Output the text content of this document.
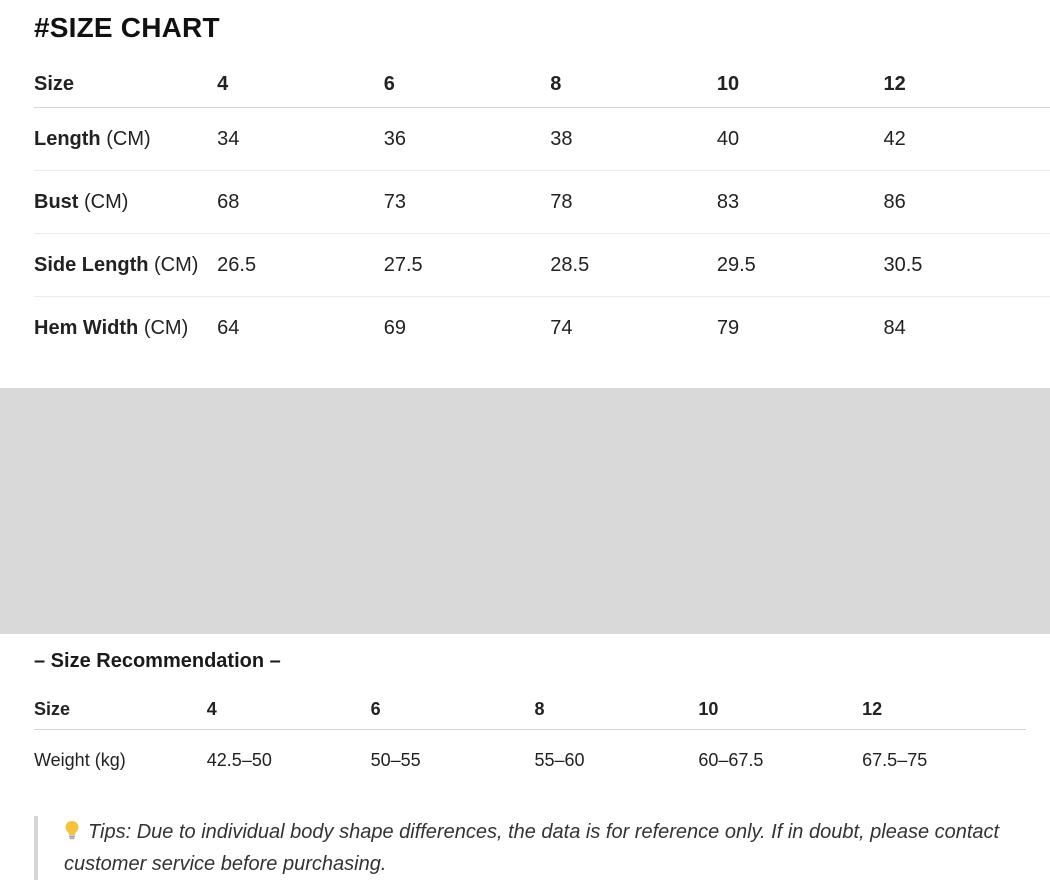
#SIZE CHART
Size	4	6	8	10	12
Length (CM)	34	36	38	40	42
Bust (CM)	68	73	78	83	86
Side Length (CM) 26.5	27.5	28.5	29.5	30.5
Hem Width (CM)	64	69	74	79	84
– Size Recommendation –
Size	4	6	8	10	12
Weight (kg)	42.5–50	50–55	55–60	60–67.5	67.5–75
Tips: Due to individual body shape differences, the data is for reference only. If in doubt, please contact customer service before purchasing.
